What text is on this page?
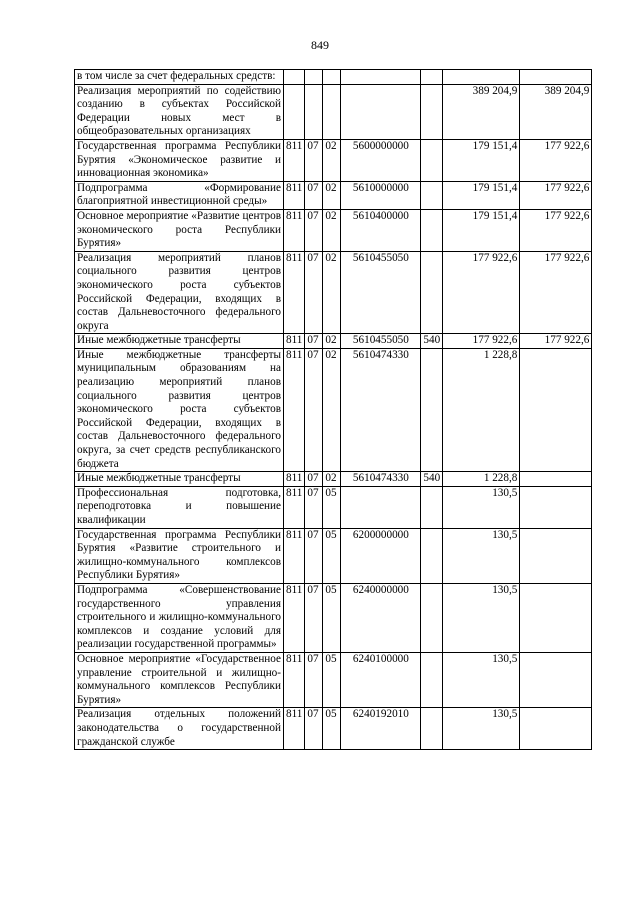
849
в том числе за счет федеральных средств:							
Реализация мероприятий по содействию созданию в субъектах Российской Федерации новых мест в общеобразовательных организациях						389 204,9	389 204,9
Государственная программа Республики Бурятия «Экономическое развитие и инновационная экономика»	811	07	02	5600000000		179 151,4	177 922,6
Подпрограмма «Формирование благоприятной инвестиционной среды»	811	07	02	5610000000		179 151,4	177 922,6
Основное мероприятие «Развитие центров экономического роста Республики Бурятия»	811	07	02	5610400000		179 151,4	177 922,6
Реализация мероприятий планов социального развития центров экономического роста субъектов Российской Федерации, входящих в состав Дальневосточного федерального округа	811	07	02	5610455050		177 922,6	177 922,6
Иные межбюджетные трансферты	811	07	02	5610455050	540	177 922,6	177 922,6
Иные межбюджетные трансферты муниципальным образованиям на реализацию мероприятий планов социального развития центров экономического роста субъектов Российской Федерации, входящих в состав Дальневосточного федерального округа, за счет средств республиканского бюджета	811	07	02	5610474330		1 228,8	
Иные межбюджетные трансферты	811	07	02	5610474330	540	1 228,8	
Профессиональная подготовка, переподготовка и повышение квалификации	811	07	05			130,5	
Государственная программа Республики Бурятия «Развитие строительного и жилищно-коммунального комплексов Республики Бурятия»	811	07	05	6200000000		130,5	
Подпрограмма «Совершенствование государственного управления строительного и жилищно-коммунального комплексов и создание условий для реализации государственной программы»	811	07	05	6240000000		130,5	
Основное мероприятие «Государственное управление строительной и жилищно-коммунального комплексов Республики Бурятия»	811	07	05	6240100000		130,5	
Реализация отдельных положений законодательства о государственной гражданской службе	811	07	05	6240192010		130,5	
